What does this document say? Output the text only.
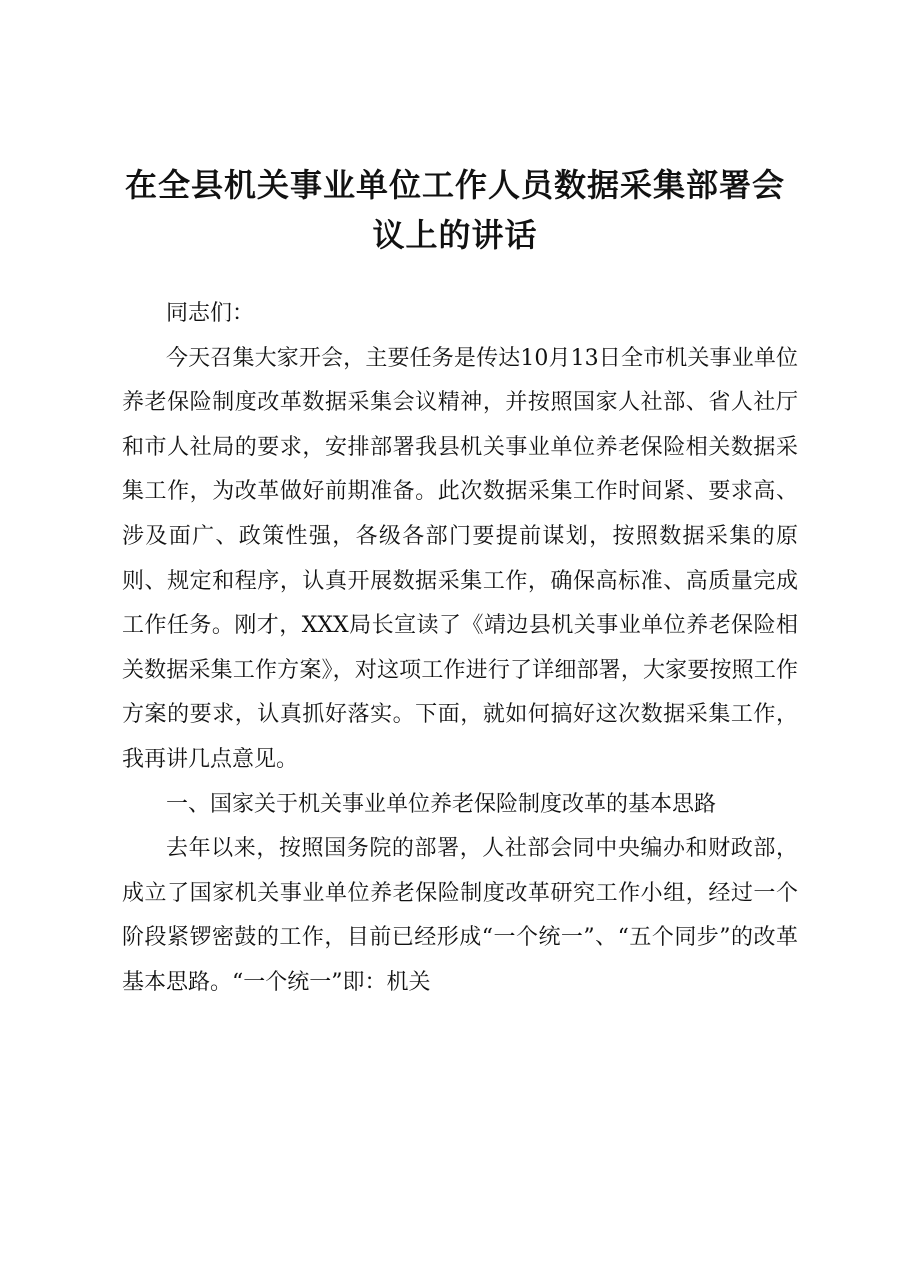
在全县机关事业单位工作人员数据采集部署会
议上的讲话

同志们：

今天召集大家开会，主要任务是传达10月13日全市机关事业单位养老保险制度改革数据采集会议精神，并按照国家人社部、省人社厅和市人社局的要求，安排部署我县机关事业单位养老保险相关数据采集工作，为改革做好前期准备。此次数据采集工作时间紧、要求高、涉及面广、政策性强，各级各部门要提前谋划，按照数据采集的原则、规定和程序，认真开展数据采集工作，确保高标准、高质量完成工作任务。刚才，XXX局长宣读了《靖边县机关事业单位养老保险相关数据采集工作方案》，对这项工作进行了详细部署，大家要按照工作方案的要求，认真抓好落实。下面，就如何搞好这次数据采集工作，我再讲几点意见。

一、国家关于机关事业单位养老保险制度改革的基本思路

去年以来，按照国务院的部署，人社部会同中央编办和财政部，成立了国家机关事业单位养老保险制度改革研究工作小组，经过一个阶段紧锣密鼓的工作，目前已经形成“一个统一”、“五个同步”的改革基本思路。“一个统一”即：机关
